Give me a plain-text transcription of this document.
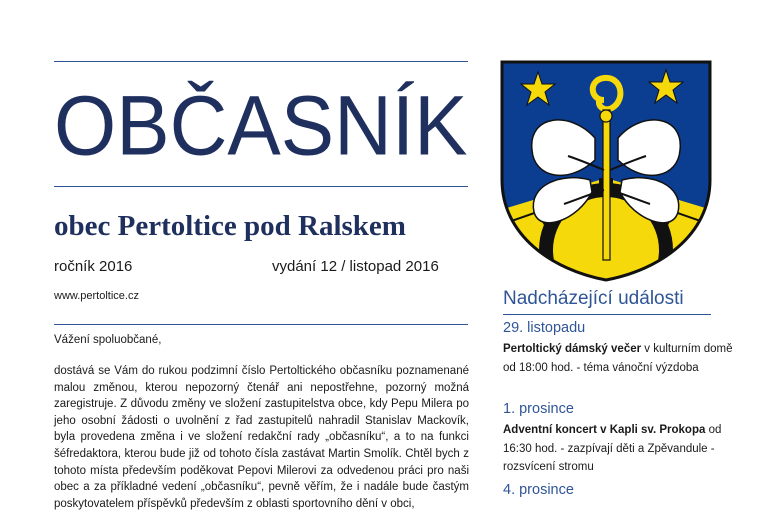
OBČASNÍK
obec Pertoltice pod Ralskem
ročník 2016	vydání 12 / listopad 2016
www.pertoltice.cz
Vážení spoluobčané,

dostává se Vám do rukou podzimní číslo Pertoltického občasníku poznamenané malou změnou, kterou nepozorný čtenář ani nepostřehne, pozorný možná zaregistruje. Z důvodu změny ve složení zastupitelstva obce, kdy Pepu Milera po jeho osobní žádosti o uvolnění z řad zastupitelů nahradil Stanislav Mackovík, byla provedena změna i ve složení redakční rady „občasníku“, a to na funkci šéfredaktora, kterou bude již od tohoto čísla zastávat Martin Smolík. Chtěl bych z tohoto místa především poděkovat Pepovi Milerovi za odvedenou práci pro naši obec a za příkladné vedení „občasníku“, pevně věřím, že i nadále bude častým poskytovatelem příspěvků především z oblasti sportovního dění v obci,

Nadcházející události
29. listopadu
Pertoltický dámský večer v kulturním domě od 18:00 hod. - téma vánoční výzdoba
1. prosince
Adventní koncert v Kapli sv. Prokopa od 16:30 hod. - zazpívají děti a Zpěvandule - rozsvícení stromu
4. prosince
